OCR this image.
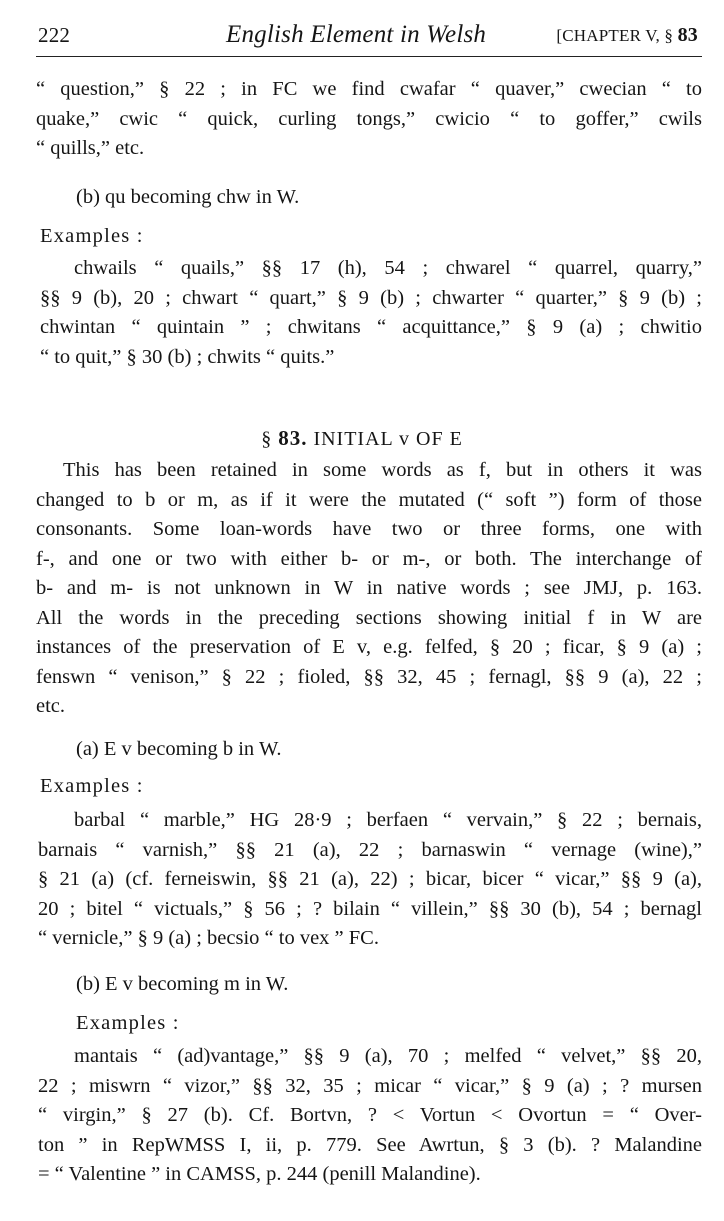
222	English Element in Welsh	[CHAPTER V, § 83
“ question,” § 22 ; in FC we find cwafar “ quaver,” cwecian “ to
quake,” cwic “ quick, curling tongs,” cwicio “ to goffer,” cwils
“ quills,” etc.
(b) qu becoming chw in W.
Examples :
chwails “ quails,” §§ 17 (h), 54 ; chwarel “ quarrel, quarry,”
§§ 9 (b), 20 ; chwart “ quart,” § 9 (b) ; chwarter “ quarter,” § 9 (b) ;
chwintan “ quintain ” ; chwitans “ acquittance,” § 9 (a) ; chwitio
“ to quit,” § 30 (b) ; chwits “ quits.”
§ 83. INITIAL v OF E
This has been retained in some words as f, but in others it was
changed to b or m, as if it were the mutated (“ soft ”) form of those
consonants. Some loan-words have two or three forms, one with
f-, and one or two with either b- or m-, or both. The interchange of
b- and m- is not unknown in W in native words ; see JMJ, p. 163.
All the words in the preceding sections showing initial f in W are
instances of the preservation of E v, e.g. felfed, § 20 ; ficar, § 9 (a) ;
fenswn “ venison,” § 22 ; fioled, §§ 32, 45 ; fernagl, §§ 9 (a), 22 ;
etc.
(a) E v becoming b in W.
Examples :
barbal “ marble,” HG 28·9 ; berfaen “ vervain,” § 22 ; bernais,
barnais “ varnish,” §§ 21 (a), 22 ; barnaswin “ vernage (wine),”
§ 21 (a) (cf. ferneiswin, §§ 21 (a), 22) ; bicar, bicer “ vicar,” §§ 9 (a),
20 ; bitel “ victuals,” § 56 ; ? bilain “ villein,” §§ 30 (b), 54 ; bernagl
“ vernicle,” § 9 (a) ; becsio “ to vex ” FC.
(b) E v becoming m in W.
Examples :
mantais “ (ad)vantage,” §§ 9 (a), 70 ; melfed “ velvet,” §§ 20,
22 ; miswrn “ vizor,” §§ 32, 35 ; micar “ vicar,” § 9 (a) ; ? mursen
“ virgin,” § 27 (b). Cf. Bortvn, ? < Vortun < Ovortun = “ Over-
ton ” in RepWMSS I, ii, p. 779. See Awrtun, § 3 (b). ? Malandine
= “ Valentine ” in CAMSS, p. 244 (penill Malandine).
